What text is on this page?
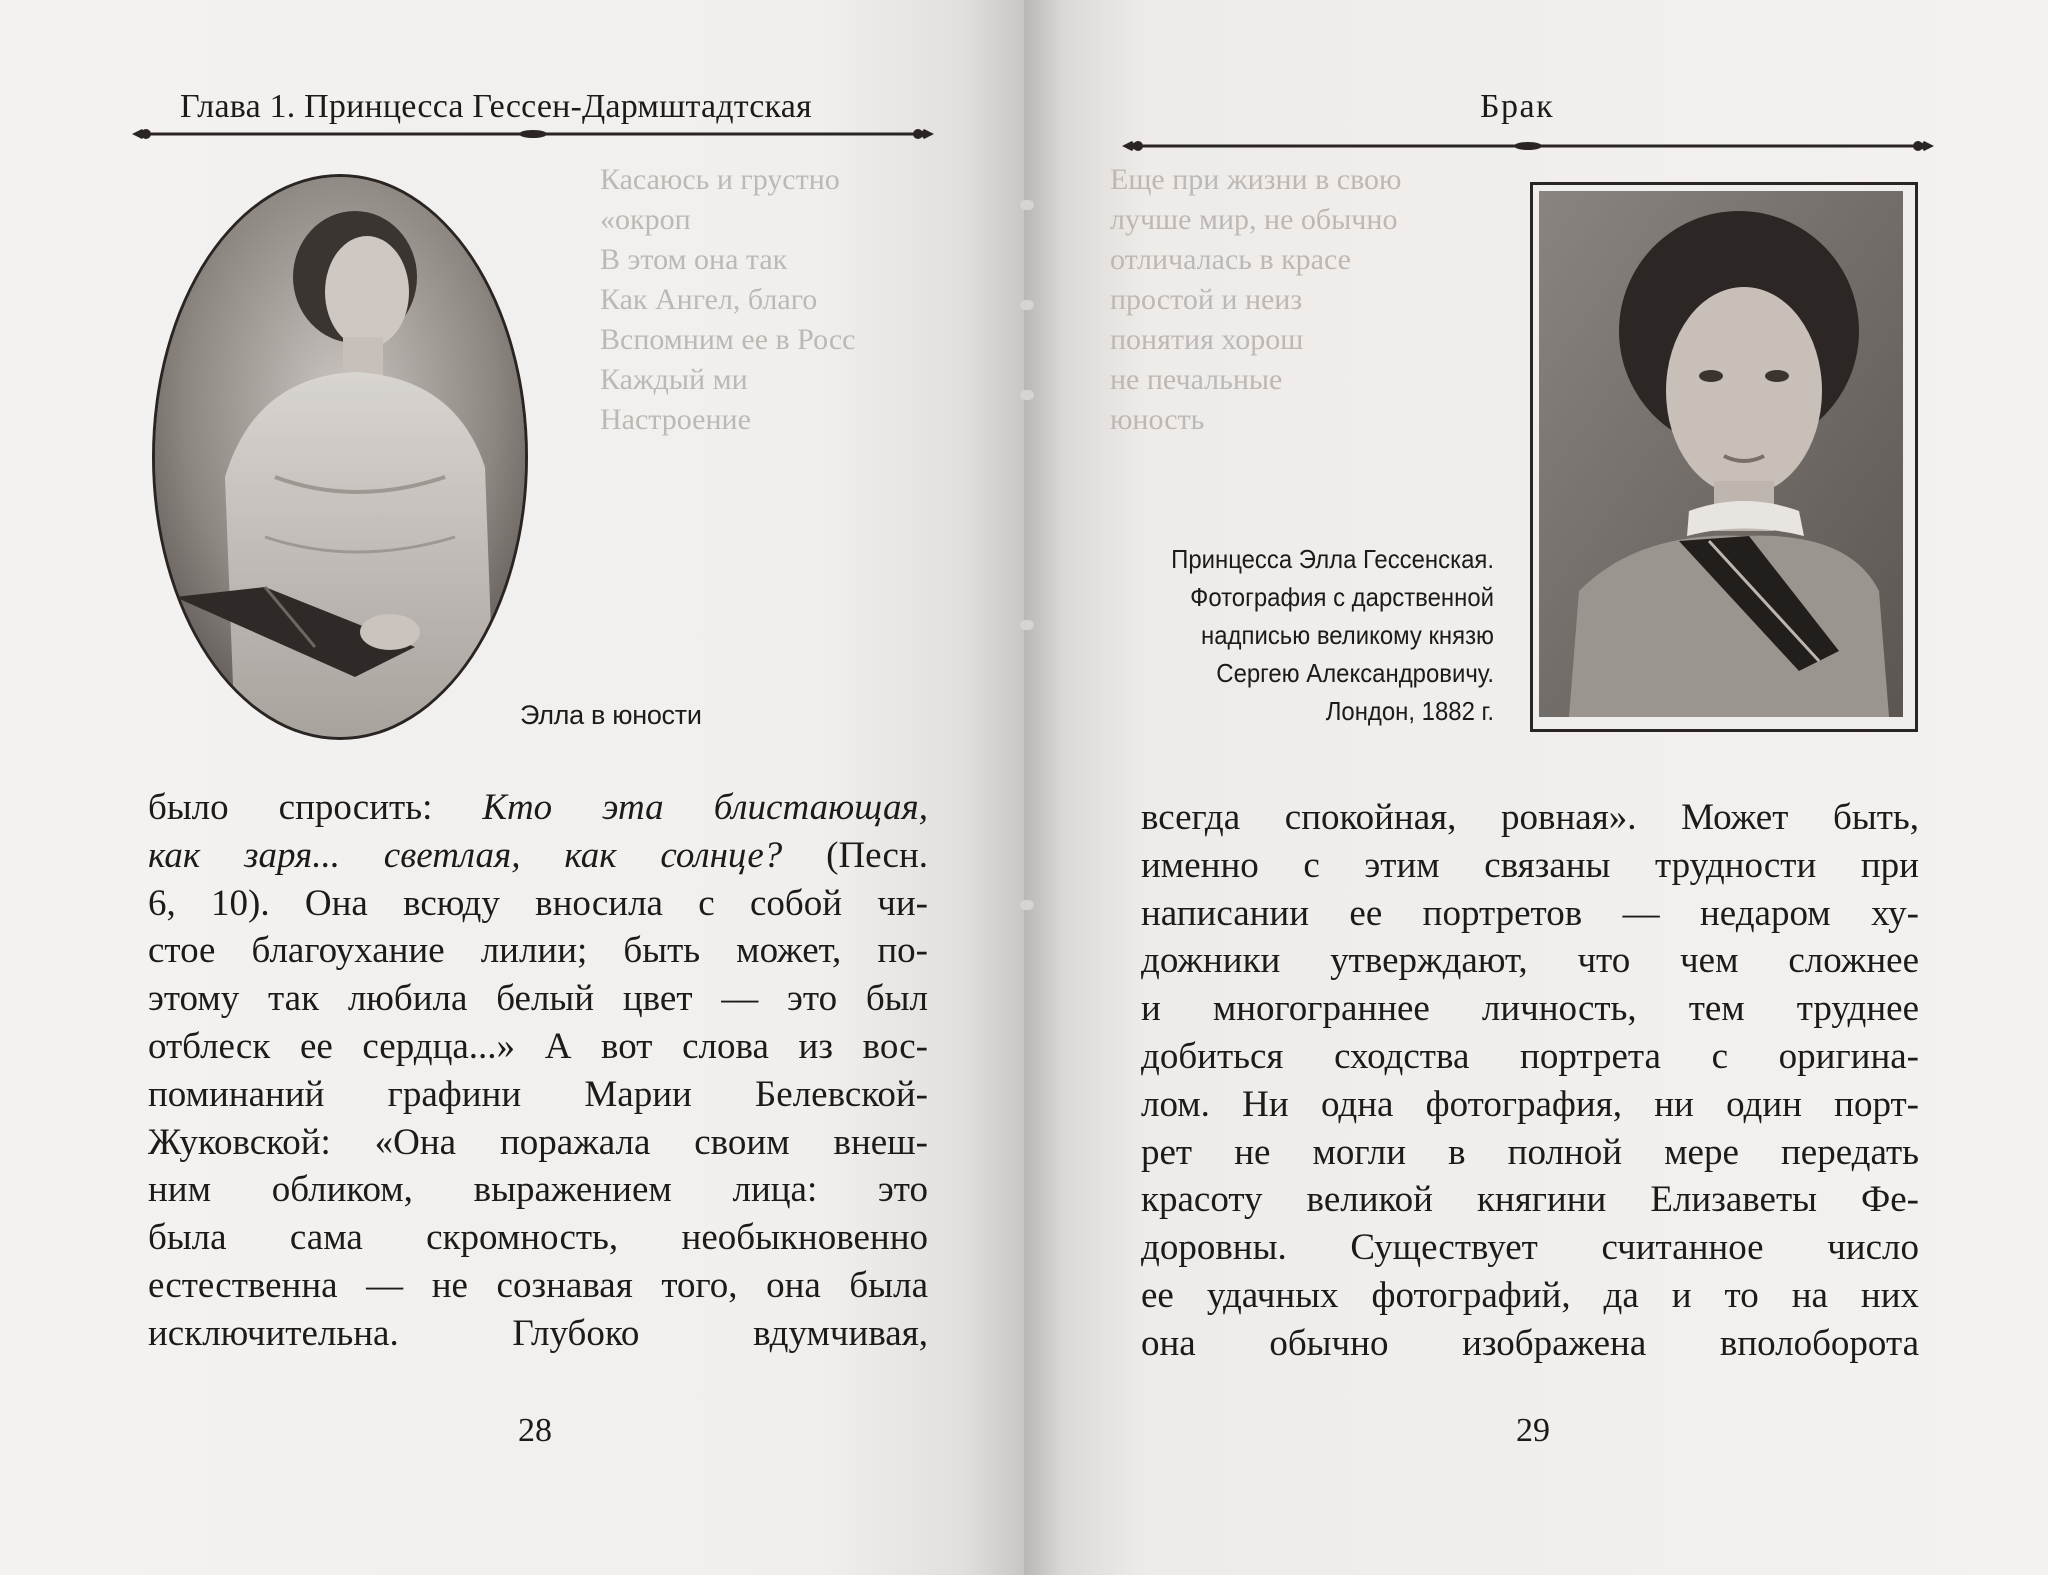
Глава 1. Принцесса Гессен-Дармштадтская
Касаюсь и грустно
«окроп
В этом она так
Как Ангел, благо
Вспомним ее в Росс
Каждый ми
Настроение
Элла в юности
было спросить: Кто эта блистающая,
как заря... светлая, как солнце? (Песн.
6, 10). Она всюду вносила с собой чи-
стое благоухание лилии; быть может, по-
этому так любила белый цвет — это был
отблеск ее сердца...» А вот слова из вос-
поминаний графини Марии Белевской-
Жуковской: «Она поражала своим внеш-
ним обликом, выражением лица: это
была сама скромность, необыкновенно
естественна — не сознавая того, она была
исключительна. Глубоко вдумчивая,
28
Брак
Еще при жизни в свою
лучше мир, не обычно
отличалась в красе
простой и неиз
понятия хорош
не печальные
юность
Принцесса Элла Гессенская.
Фотография с дарственной
надписью великому князю
Сергею Александровичу.
Лондон, 1882 г.
всегда спокойная, ровная». Может быть,
именно с этим связаны трудности при
написании ее портретов — недаром ху-
дожники утверждают, что чем сложнее
и многограннее личность, тем труднее
добиться сходства портрета с оригина-
лом. Ни одна фотография, ни один порт-
рет не могли в полной мере передать
красоту великой княгини Елизаветы Фе-
доровны. Существует считанное число
ее удачных фотографий, да и то на них
она обычно изображена вполоборота
29
